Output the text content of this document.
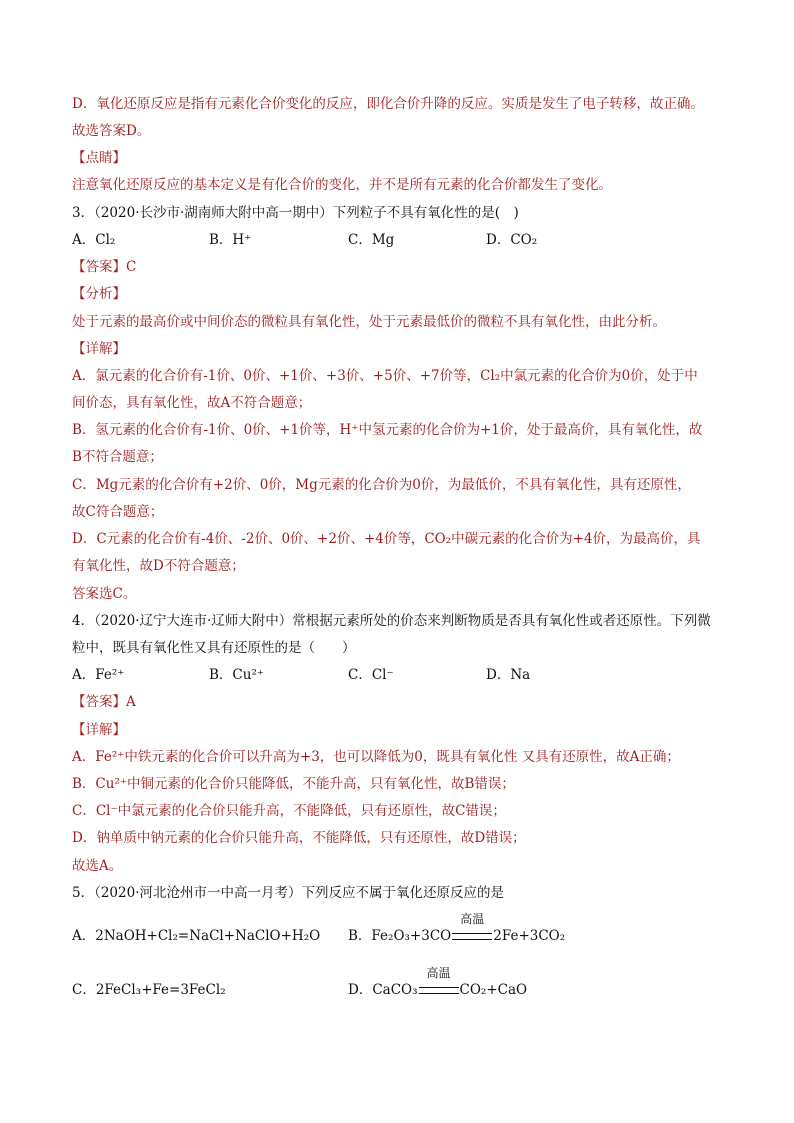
D．氧化还原反应是指有元素化合价变化的反应，即化合价升降的反应。实质是发生了电子转移，故正确。
故选答案D。
【点睛】
注意氧化还原反应的基本定义是有化合价的变化，并不是所有元素的化合价都发生了变化。
3．（2020·长沙市·湖南师大附中高一期中）下列粒子不具有氧化性的是(　)
A．Cl₂	B．H⁺	C．Mg	D．CO₂
【答案】C
【分析】
处于元素的最高价或中间价态的微粒具有氧化性，处于元素最低价的微粒不具有氧化性，由此分析。
【详解】
A．氯元素的化合价有-1价、0价、+1价、+3价、+5价、+7价等，Cl₂中氯元素的化合价为0价，处于中
间价态，具有氧化性，故A不符合题意；
B．氢元素的化合价有-1价、0价、+1价等，H⁺中氢元素的化合价为+1价，处于最高价，具有氧化性，故
B不符合题意；
C．Mg元素的化合价有+2价、0价，Mg元素的化合价为0价，为最低价，不具有氧化性，具有还原性，
故C符合题意；
D．C元素的化合价有-4价、-2价、0价、+2价、+4价等，CO₂中碳元素的化合价为+4价，为最高价，具
有氧化性，故D不符合题意；
答案选C。
4．（2020·辽宁大连市·辽师大附中）常根据元素所处的价态来判断物质是否具有氧化性或者还原性。下列微
粒中，既具有氧化性又具有还原性的是（　　）
A．Fe²⁺	B．Cu²⁺	C．Cl⁻	D．Na
【答案】A
【详解】
A．Fe²⁺中铁元素的化合价可以升高为+3，也可以降低为0，既具有氧化性 又具有还原性，故A正确；
B．Cu²⁺中铜元素的化合价只能降低，不能升高，只有氧化性，故B错误；
C．Cl⁻中氯元素的化合价只能升高，不能降低，只有还原性，故C错误；
D．钠单质中钠元素的化合价只能升高，不能降低，只有还原性，故D错误；
故选A。
5．（2020·河北沧州市一中高一月考）下列反应不属于氧化还原反应的是
A．2NaOH+Cl₂=NaCl+NaClO+H₂O B．Fe₂O₃+3CO
高温
2Fe+3CO₂
C．2FeCl₃+Fe=3FeCl₂	D．CaCO₃
高温
CO₂+CaO
